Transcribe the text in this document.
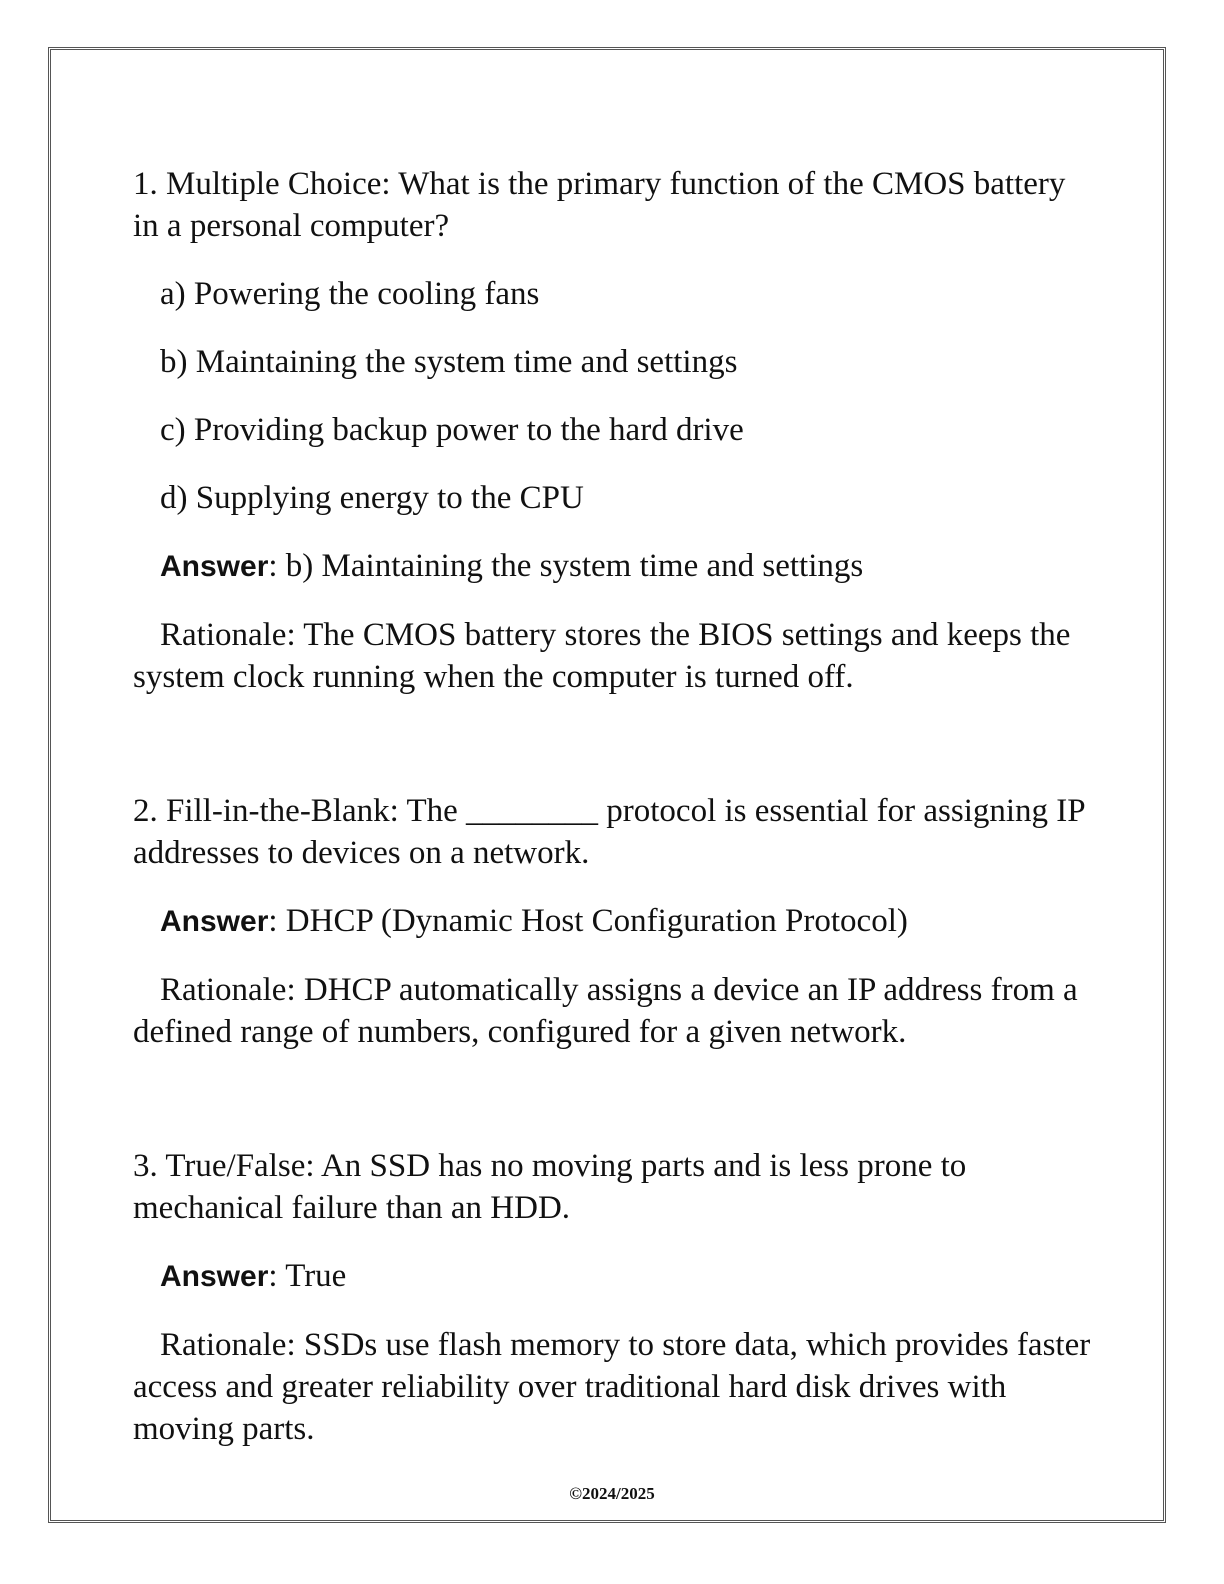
1. Multiple Choice: What is the primary function of the CMOS battery in a personal computer?

a) Powering the cooling fans

b) Maintaining the system time and settings

c) Providing backup power to the hard drive

d) Supplying energy to the CPU

Answer: b) Maintaining the system time and settings

Rationale: The CMOS battery stores the BIOS settings and keeps the system clock running when the computer is turned off.

2. Fill-in-the-Blank: The ________ protocol is essential for assigning IP addresses to devices on a network.

Answer: DHCP (Dynamic Host Configuration Protocol)

Rationale: DHCP automatically assigns a device an IP address from a defined range of numbers, configured for a given network.

3. True/False: An SSD has no moving parts and is less prone to mechanical failure than an HDD.

Answer: True

Rationale: SSDs use flash memory to store data, which provides faster access and greater reliability over traditional hard disk drives with moving parts.

©2024/2025
